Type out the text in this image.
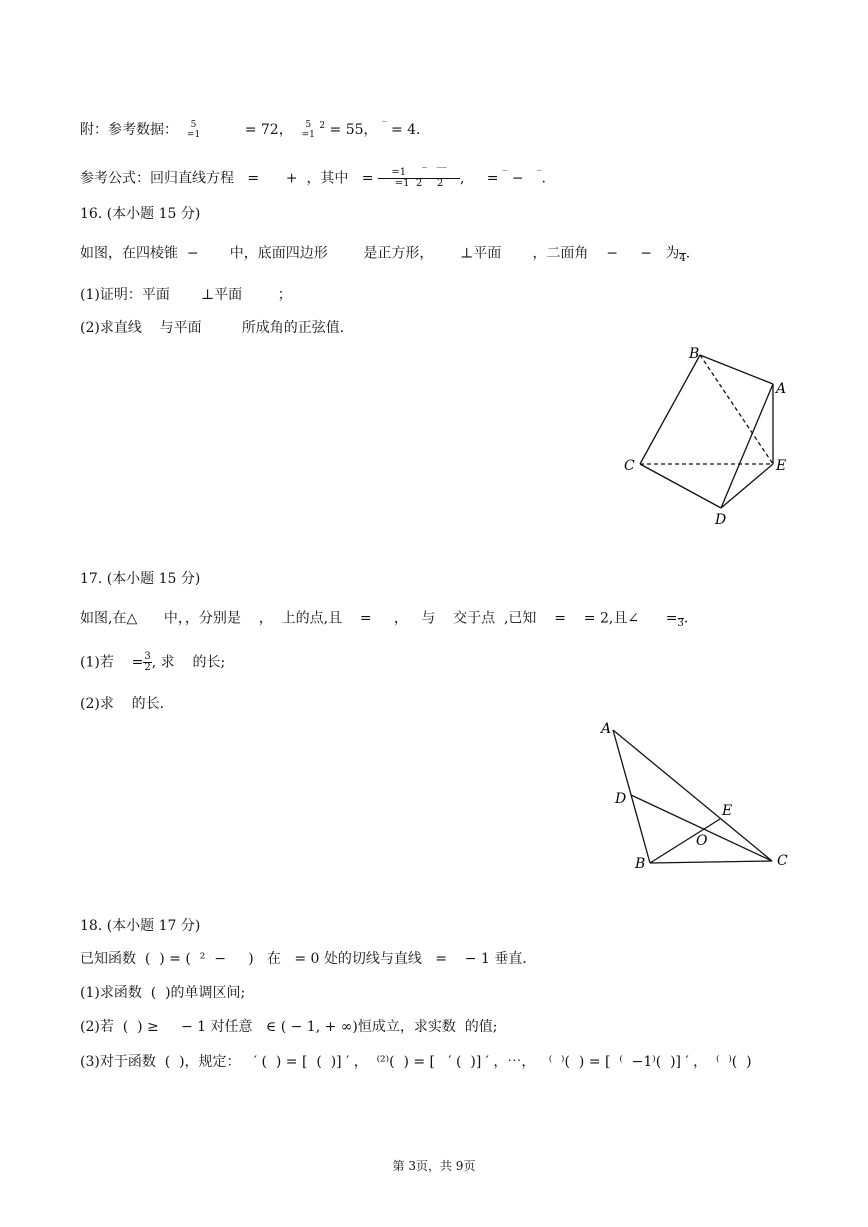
附：参考数据：	5
=1	= 72，	5
=1
$^2$ = 55， ‾ = 4．
参考公式：回归直线方程 = + ，其中 = $\frac{=1 ‾ ‾‾}{=1 2‾ 2}$ , = ‾ − ‾.
16. (本小题 15 分)
如图，在四棱锥 − 中，底面四边形	是正方形， ⊥平面 ，二面角 − − 为
4 .
(1)证明：平面 ⊥平面	；
(2)求直线 与平面	所成角的正弦值．
B
A
C	E
D
17. (本小题 15 分)
如图,在△ 中，，分别是 ， 上的点,且 = ， 与 交于点 ,已知 = = 2,且∠ =
3 .
(1)若 = $\frac{3}{2}$ , 求 的长;
(2)求 的长．
A
D
E
O
B	C
18. (本小题 17 分)
已知函数  (  ) = (  ²  −     )   在   = 0 处的切线与直线   =    − 1 垂直．
(1)求函数  (  )的单调区间;
(2)若  (  ) ≥     − 1 对任意   ∈ ( − 1, + ∞)恒成立，求实数  的值;
(3)对于函数  (  )，规定：   ′ (  ) = [  (  )] ′ ，  ⁽²⁾(  ) = [   ′ (  )] ′ ，⋯，   ⁽  ⁾(  ) = [  ⁽  −1⁾(  )] ′ ，  ⁽  ⁾(  )
第 3页，共 9页
